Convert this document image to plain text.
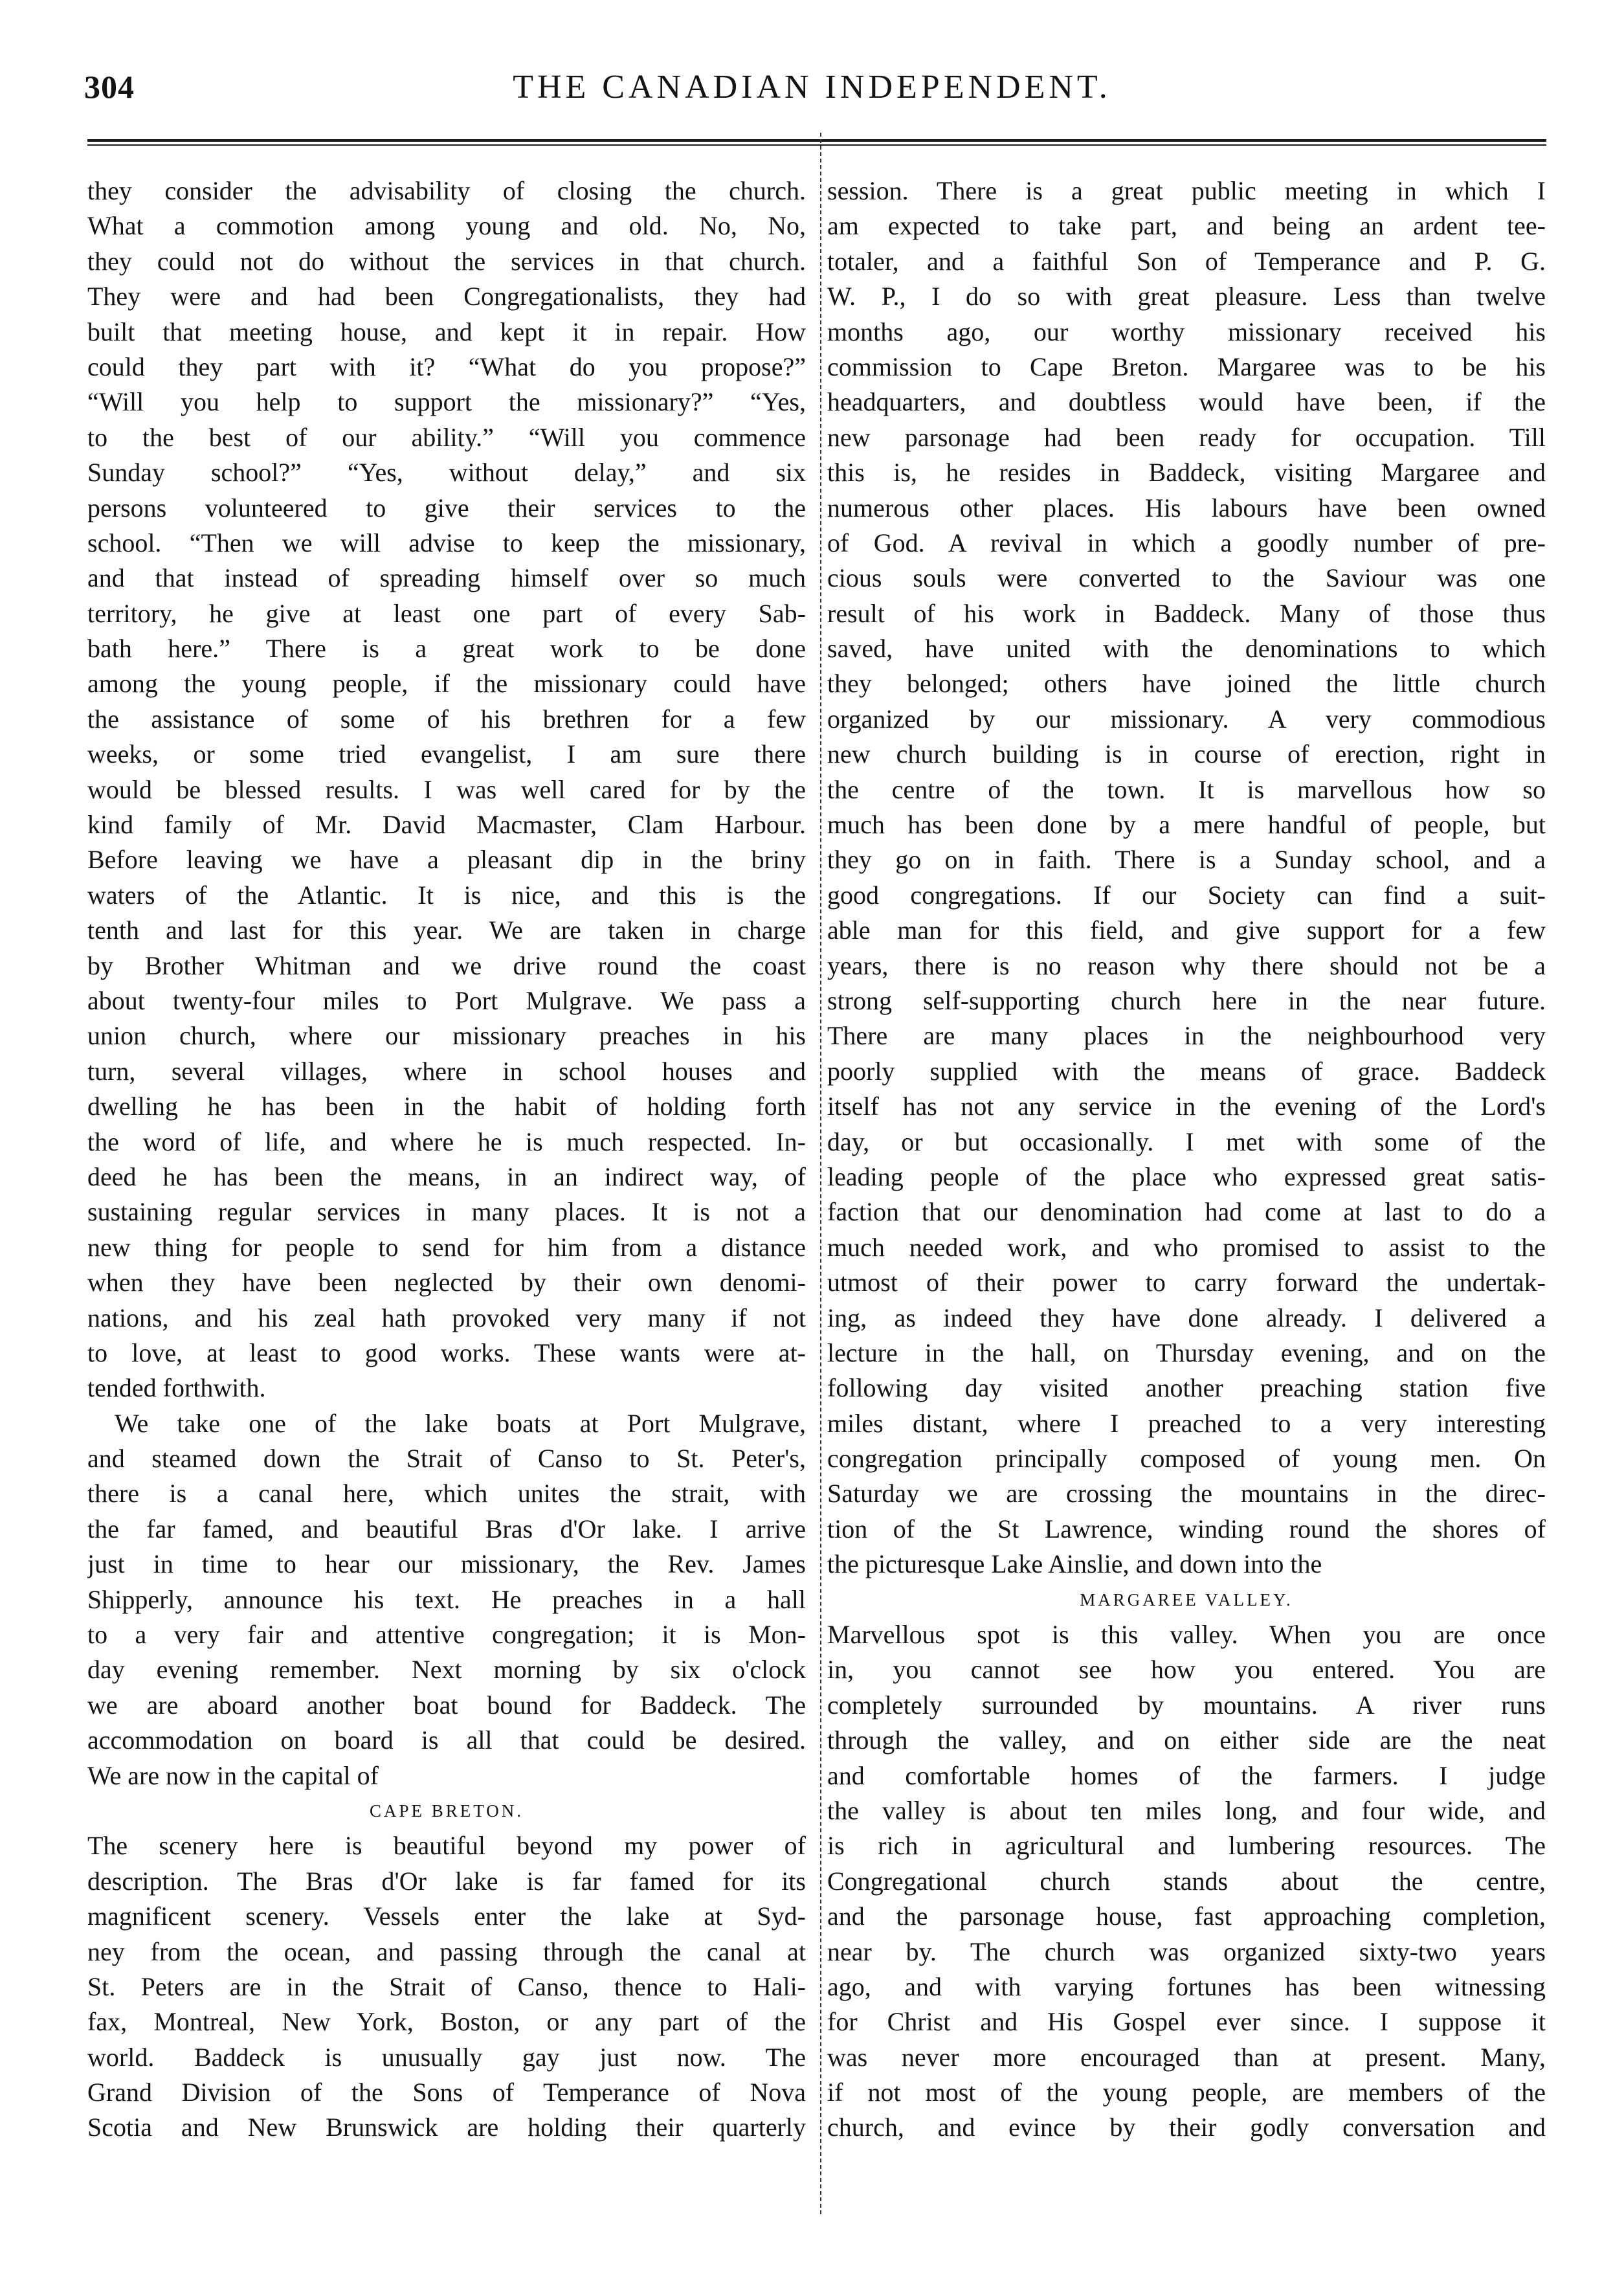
304	THE CANADIAN INDEPENDENT.
they consider the advisability of closing the church.
What a commotion among young and old. No, No,
they could not do without the services in that church.
They were and had been Congregationalists, they had
built that meeting house, and kept it in repair. How
could they part with it? “What do you propose?”
“Will you help to support the missionary?” “Yes,
to the best of our ability.” “Will you commence
Sunday school?” “Yes, without delay,” and six
persons volunteered to give their services to the
school. “Then we will advise to keep the missionary,
and that instead of spreading himself over so much
territory, he give at least one part of every Sab-
bath here.” There is a great work to be done
among the young people, if the missionary could have
the assistance of some of his brethren for a few
weeks, or some tried evangelist, I am sure there
would be blessed results. I was well cared for by the
kind family of Mr. David Macmaster, Clam Harbour.
Before leaving we have a pleasant dip in the briny
waters of the Atlantic. It is nice, and this is the
tenth and last for this year. We are taken in charge
by Brother Whitman and we drive round the coast
about twenty-four miles to Port Mulgrave. We pass a
union church, where our missionary preaches in his
turn, several villages, where in school houses and
dwelling he has been in the habit of holding forth
the word of life, and where he is much respected. In-
deed he has been the means, in an indirect way, of
sustaining regular services in many places. It is not a
new thing for people to send for him from a distance
when they have been neglected by their own denomi-
nations, and his zeal hath provoked very many if not
to love, at least to good works. These wants were at-
tended forthwith.
We take one of the lake boats at Port Mulgrave,
and steamed down the Strait of Canso to St. Peter's,
there is a canal here, which unites the strait, with
the far famed, and beautiful Bras d'Or lake. I arrive
just in time to hear our missionary, the Rev. James
Shipperly, announce his text. He preaches in a hall
to a very fair and attentive congregation; it is Mon-
day evening remember. Next morning by six o'clock
we are aboard another boat bound for Baddeck. The
accommodation on board is all that could be desired.
We are now in the capital of
CAPE BRETON.
The scenery here is beautiful beyond my power of
description. The Bras d'Or lake is far famed for its
magnificent scenery. Vessels enter the lake at Syd-
ney from the ocean, and passing through the canal at
St. Peters are in the Strait of Canso, thence to Hali-
fax, Montreal, New York, Boston, or any part of the
world. Baddeck is unusually gay just now. The
Grand Division of the Sons of Temperance of Nova
Scotia and New Brunswick are holding their quarterly
session. There is a great public meeting in which I
am expected to take part, and being an ardent tee-
totaler, and a faithful Son of Temperance and P. G.
W. P., I do so with great pleasure. Less than twelve
months ago, our worthy missionary received his
commission to Cape Breton. Margaree was to be his
headquarters, and doubtless would have been, if the
new parsonage had been ready for occupation. Till
this is, he resides in Baddeck, visiting Margaree and
numerous other places. His labours have been owned
of God. A revival in which a goodly number of pre-
cious souls were converted to the Saviour was one
result of his work in Baddeck. Many of those thus
saved, have united with the denominations to which
they belonged; others have joined the little church
organized by our missionary. A very commodious
new church building is in course of erection, right in
the centre of the town. It is marvellous how so
much has been done by a mere handful of people, but
they go on in faith. There is a Sunday school, and a
good congregations. If our Society can find a suit-
able man for this field, and give support for a few
years, there is no reason why there should not be a
strong self-supporting church here in the near future.
There are many places in the neighbourhood very
poorly supplied with the means of grace. Baddeck
itself has not any service in the evening of the Lord's
day, or but occasionally. I met with some of the
leading people of the place who expressed great satis-
faction that our denomination had come at last to do a
much needed work, and who promised to assist to the
utmost of their power to carry forward the undertak-
ing, as indeed they have done already. I delivered a
lecture in the hall, on Thursday evening, and on the
following day visited another preaching station five
miles distant, where I preached to a very interesting
congregation principally composed of young men. On
Saturday we are crossing the mountains in the direc-
tion of the St Lawrence, winding round the shores of
the picturesque Lake Ainslie, and down into the
MARGAREE VALLEY.
Marvellous spot is this valley. When you are once
in, you cannot see how you entered. You are
completely surrounded by mountains. A river runs
through the valley, and on either side are the neat
and comfortable homes of the farmers. I judge
the valley is about ten miles long, and four wide, and
is rich in agricultural and lumbering resources. The
Congregational church stands about the centre,
and the parsonage house, fast approaching completion,
near by. The church was organized sixty-two years
ago, and with varying fortunes has been witnessing
for Christ and His Gospel ever since. I suppose it
was never more encouraged than at present. Many,
if not most of the young people, are members of the
church, and evince by their godly conversation and
